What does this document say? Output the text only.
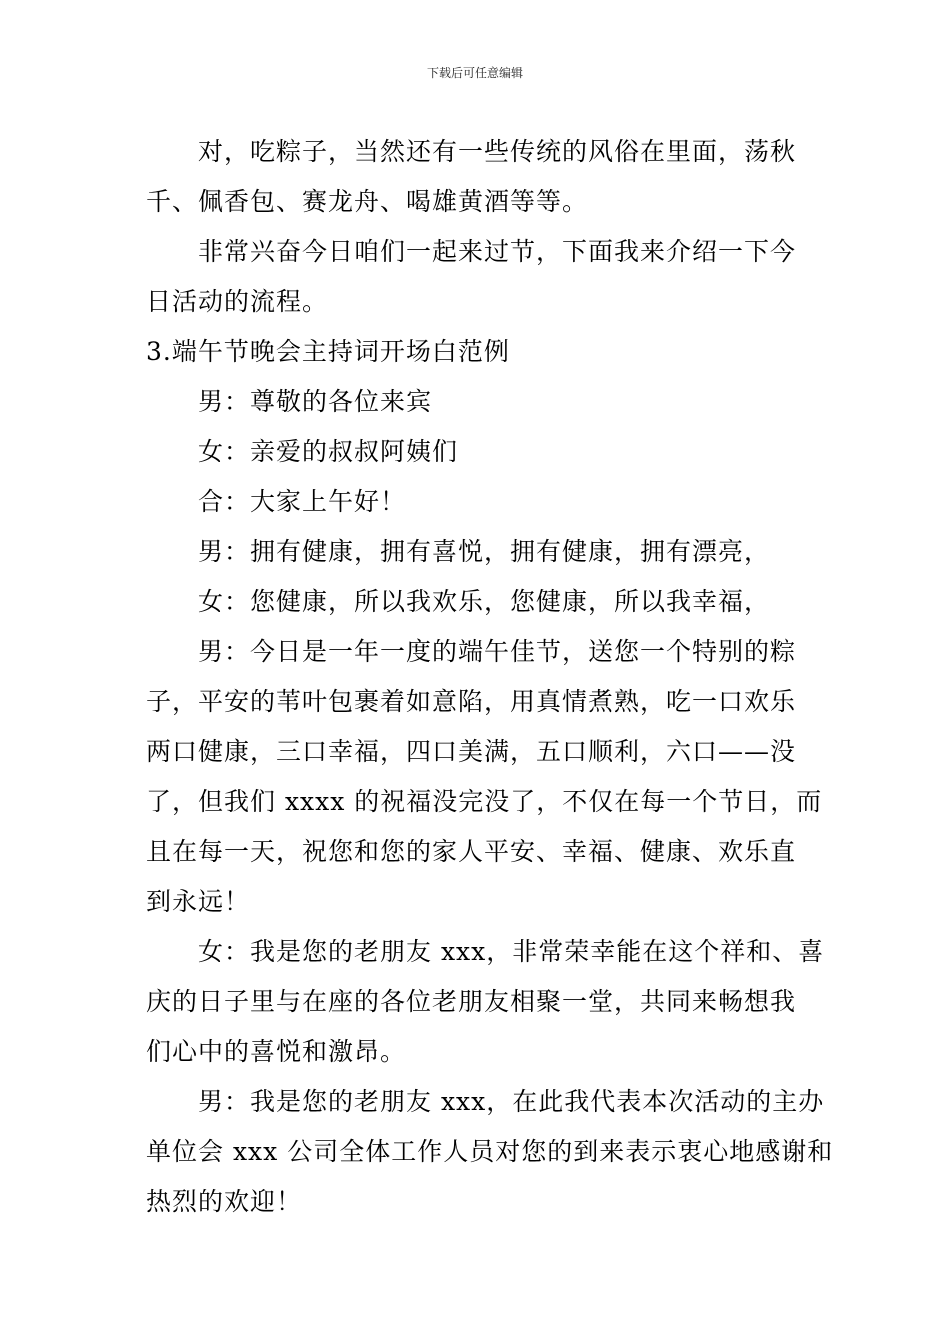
下载后可任意编辑

对，吃粽子，当然还有一些传统的风俗在里面，荡秋

千、佩香包、赛龙舟、喝雄黄酒等等。

非常兴奋今日咱们一起来过节，下面我来介绍一下今

日活动的流程。

3.端午节晚会主持词开场白范例

男：尊敬的各位来宾

女：亲爱的叔叔阿姨们

合：大家上午好！

男：拥有健康，拥有喜悦，拥有健康，拥有漂亮，

女：您健康，所以我欢乐，您健康，所以我幸福，

男：今日是一年一度的端午佳节，送您一个特别的粽

子，平安的苇叶包裹着如意陷，用真情煮熟，吃一口欢乐

两口健康，三口幸福，四口美满，五口顺利，六口——没

了，但我们 xxxx 的祝福没完没了，不仅在每一个节日，而

且在每一天，祝您和您的家人平安、幸福、健康、欢乐直

到永远！

女：我是您的老朋友 xxx，非常荣幸能在这个祥和、喜

庆的日子里与在座的各位老朋友相聚一堂，共同来畅想我

们心中的喜悦和激昂。

男：我是您的老朋友 xxx，在此我代表本次活动的主办

单位会 xxx 公司全体工作人员对您的到来表示衷心地感谢和

热烈的欢迎！
